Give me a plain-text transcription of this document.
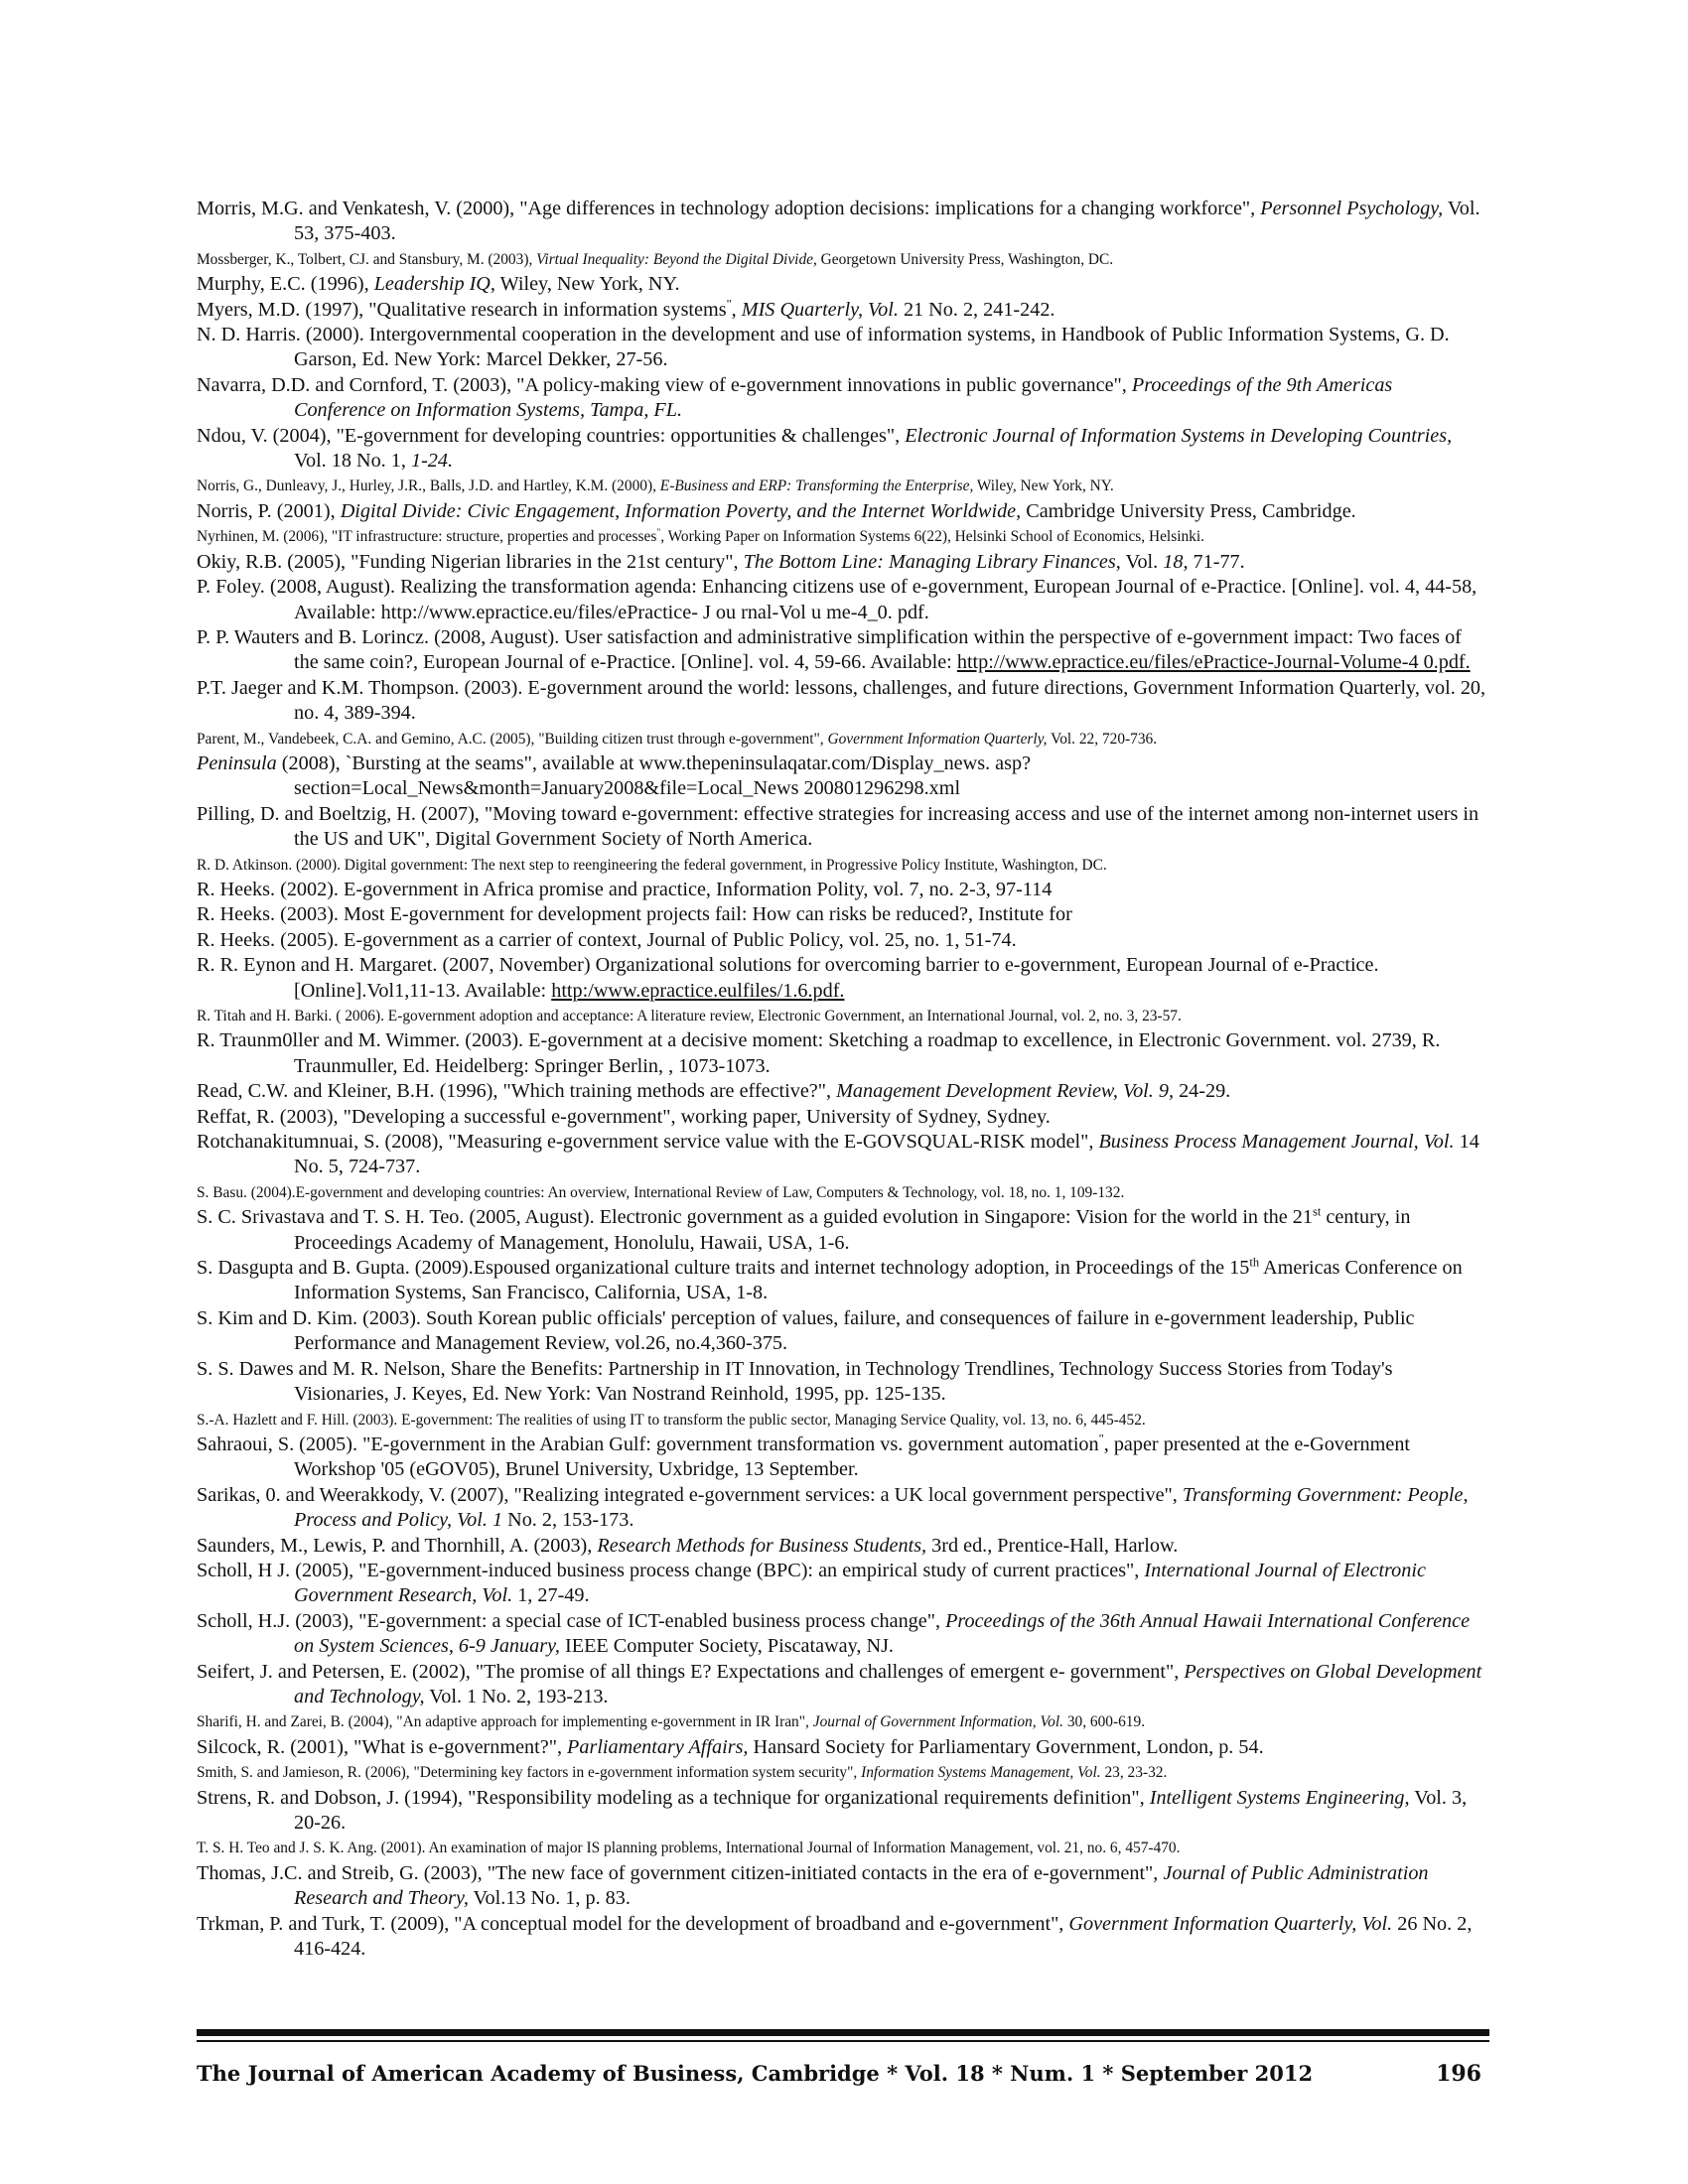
Morris, M.G. and Venkatesh, V. (2000), "Age differences in technology adoption decisions: implications for a changing workforce", Personnel Psychology, Vol. 53, 375-403.

Mossberger, K., Tolbert, CJ. and Stansbury, M. (2003), Virtual Inequality: Beyond the Digital Divide, Georgetown University Press, Washington, DC.

Murphy, E.C. (1996), Leadership IQ, Wiley, New York, NY.

Myers, M.D. (1997), "Qualitative research in information systems", MIS Quarterly, Vol. 21 No. 2, 241-242.

N. D. Harris. (2000). Intergovernmental cooperation in the development and use of information systems, in Handbook of Public Information Systems, G. D. Garson, Ed. New York: Marcel Dekker, 27-56.

Navarra, D.D. and Cornford, T. (2003), "A policy-making view of e-government innovations in public governance", Proceedings of the 9th Americas Conference on Information Systems, Tampa, FL.

Ndou, V. (2004), "E-government for developing countries: opportunities & challenges", Electronic Journal of Information Systems in Developing Countries, Vol. 18 No. 1, 1-24.

Norris, G., Dunleavy, J., Hurley, J.R., Balls, J.D. and Hartley, K.M. (2000), E-Business and ERP: Transforming the Enterprise, Wiley, New York, NY.

Norris, P. (2001), Digital Divide: Civic Engagement, Information Poverty, and the Internet Worldwide, Cambridge University Press, Cambridge.

Nyrhinen, M. (2006), "IT infrastructure: structure, properties and processes", Working Paper on Information Systems 6(22), Helsinki School of Economics, Helsinki.

Okiy, R.B. (2005), "Funding Nigerian libraries in the 21st century", The Bottom Line: Managing Library Finances, Vol. 18, 71-77.

P. Foley. (2008, August). Realizing the transformation agenda: Enhancing citizens use of e-government, European Journal of e-Practice. [Online]. vol. 4, 44-58, Available: http://www.epractice.eu/files/ePractice- J ou rnal-Vol u me-4_0. pdf.

P. P. Wauters and B. Lorincz. (2008, August). User satisfaction and administrative simplification within the perspective of e-government impact: Two faces of the same coin?, European Journal of e-Practice. [Online]. vol. 4, 59-66. Available: http://www.epractice.eu/files/ePractice-Journal-Volume-4 0.pdf.

P.T. Jaeger and K.M. Thompson. (2003). E-government around the world: lessons, challenges, and future directions, Government Information Quarterly, vol. 20, no. 4, 389-394.

Parent, M., Vandebeek, C.A. and Gemino, A.C. (2005), "Building citizen trust through e-government", Government Information Quarterly, Vol. 22, 720-736.

Peninsula (2008), `Bursting at the seams", available at www.thepeninsulaqatar.com/Display_news. asp?section=Local_News&month=January2008&file=Local_News 200801296298.xml

Pilling, D. and Boeltzig, H. (2007), "Moving toward e-government: effective strategies for increasing access and use of the internet among non-internet users in the US and UK", Digital Government Society of North America.

R. D. Atkinson. (2000). Digital government: The next step to reengineering the federal government, in Progressive Policy Institute, Washington, DC.

R. Heeks. (2002). E-government in Africa promise and practice, Information Polity, vol. 7, no. 2-3, 97-114

R. Heeks. (2003). Most E-government for development projects fail: How can risks be reduced?, Institute for

R. Heeks. (2005). E-government as a carrier of context, Journal of Public Policy, vol. 25, no. 1, 51-74.

R. R. Eynon and H. Margaret. (2007, November) Organizational solutions for overcoming barrier to e-government, European Journal of e-Practice. [Online].Vol1,11-13. Available: http:/www.epractice.eulfiles/1.6.pdf.

R. Titah and H. Barki. ( 2006). E-government adoption and acceptance: A literature review, Electronic Government, an International Journal, vol. 2, no. 3, 23-57.

R. Traunm0ller and M. Wimmer. (2003). E-government at a decisive moment: Sketching a roadmap to excellence, in Electronic Government. vol. 2739, R. Traunmuller, Ed. Heidelberg: Springer Berlin, , 1073-1073.

Read, C.W. and Kleiner, B.H. (1996), "Which training methods are effective?", Management Development Review, Vol. 9, 24-29.

Reffat, R. (2003), "Developing a successful e-government", working paper, University of Sydney, Sydney.

Rotchanakitumnuai, S. (2008), "Measuring e-government service value with the E-GOVSQUAL-RISK model", Business Process Management Journal, Vol. 14 No. 5, 724-737.

S. Basu. (2004).E-government and developing countries: An overview, International Review of Law, Computers & Technology, vol. 18, no. 1, 109-132.

S. C. Srivastava and T. S. H. Teo. (2005, August). Electronic government as a guided evolution in Singapore: Vision for the world in the 21st century, in Proceedings Academy of Management, Honolulu, Hawaii, USA, 1-6.

S. Dasgupta and B. Gupta. (2009).Espoused organizational culture traits and internet technology adoption, in Proceedings of the 15th Americas Conference on Information Systems, San Francisco, California, USA, 1-8.

S. Kim and D. Kim. (2003). South Korean public officials' perception of values, failure, and consequences of failure in e-government leadership, Public Performance and Management Review, vol.26, no.4,360-375.

S. S. Dawes and M. R. Nelson, Share the Benefits: Partnership in IT Innovation, in Technology Trendlines, Technology Success Stories from Today's Visionaries, J. Keyes, Ed. New York: Van Nostrand Reinhold, 1995, pp. 125-135.

S.-A. Hazlett and F. Hill. (2003). E-government: The realities of using IT to transform the public sector, Managing Service Quality, vol. 13, no. 6, 445-452.

Sahraoui, S. (2005). "E-government in the Arabian Gulf: government transformation vs. government automation", paper presented at the e-Government Workshop '05 (eGOV05), Brunel University, Uxbridge, 13 September.

Sarikas, 0. and Weerakkody, V. (2007), "Realizing integrated e-government services: a UK local government perspective", Transforming Government: People, Process and Policy, Vol. 1 No. 2, 153-173.

Saunders, M., Lewis, P. and Thornhill, A. (2003), Research Methods for Business Students, 3rd ed., Prentice-Hall, Harlow.

Scholl, H J. (2005), "E-government-induced business process change (BPC): an empirical study of current practices", International Journal of Electronic Government Research, Vol. 1, 27-49.

Scholl, H.J. (2003), "E-government: a special case of ICT-enabled business process change", Proceedings of the 36th Annual Hawaii International Conference on System Sciences, 6-9 January, IEEE Computer Society, Piscataway, NJ.

Seifert, J. and Petersen, E. (2002), "The promise of all things E? Expectations and challenges of emergent e- government", Perspectives on Global Development and Technology, Vol. 1 No. 2, 193-213.

Sharifi, H. and Zarei, B. (2004), "An adaptive approach for implementing e-government in IR Iran", Journal of Government Information, Vol. 30, 600-619.

Silcock, R. (2001), "What is e-government?", Parliamentary Affairs, Hansard Society for Parliamentary Government, London, p. 54.

Smith, S. and Jamieson, R. (2006), "Determining key factors in e-government information system security", Information Systems Management, Vol. 23, 23-32.

Strens, R. and Dobson, J. (1994), "Responsibility modeling as a technique for organizational requirements definition", Intelligent Systems Engineering, Vol. 3, 20-26.

T. S. H. Teo and J. S. K. Ang. (2001). An examination of major IS planning problems, International Journal of Information Management, vol. 21, no. 6, 457-470.

Thomas, J.C. and Streib, G. (2003), "The new face of government citizen-initiated contacts in the era of e-government", Journal of Public Administration Research and Theory, Vol.13 No. 1, p. 83.

Trkman, P. and Turk, T. (2009), "A conceptual model for the development of broadband and e-government", Government Information Quarterly, Vol. 26 No. 2, 416-424.

The Journal of American Academy of Business, Cambridge * Vol. 18 * Num. 1 * September 2012	196
